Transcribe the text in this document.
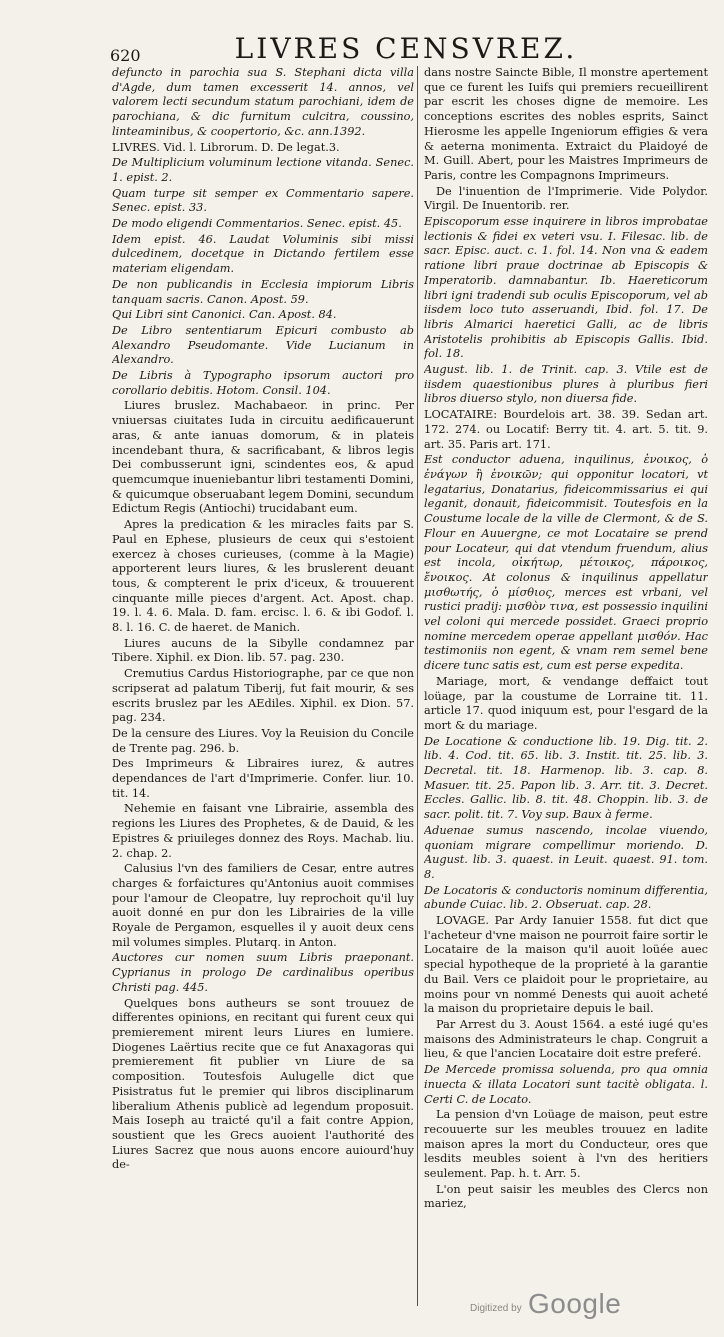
620	LIVRES CENSVREZ.

defuncto in parochia sua S. Stephani dicta villa d'Agde, dum tamen excesserit 14. annos, vel valorem lecti secundum statum parochiani, idem de parochiana, & dic furnitum culcitra, coussino, linteaminibus, & coopertorio, &c. ann.1392.

LIVRES. Vid. l. Librorum. D. De legat.3.

De Multiplicium voluminum lectione vitanda. Senec. 1. epist. 2.

Quam turpe sit semper ex Commentario sapere. Senec. epist. 33.

De modo eligendi Commentarios. Senec. epist. 45.

Idem epist. 46. Laudat Voluminis sibi missi dulcedinem, docetque in Dictando fertilem esse materiam eligendam.

De non publicandis in Ecclesia impiorum Libris tanquam sacris. Canon. Apost. 59.

Qui Libri sint Canonici. Can. Apost. 84.

De Libro sententiarum Epicuri combusto ab Alexandro Pseudomante. Vide Lucianum in Alexandro.

De Libris à Typographo ipsorum auctori pro corollario debitis. Hotom. Consil. 104.

Liures bruslez. Machabaeor. in princ. Per vniuersas ciuitates Iuda in circuitu aedificauerunt aras, & ante ianuas domorum, & in plateis incendebant thura, & sacrificabant, & libros legis Dei combusserunt igni, scindentes eos, & apud quemcumque inueniebantur libri testamenti Domini, & quicumque obseruabant legem Domini, secundum Edictum Regis (Antiochi) trucidabant eum.

Apres la predication & les miracles faits par S. Paul en Ephese, plusieurs de ceux qui s'estoient exercez à choses curieuses, (comme à la Magie) apporterent leurs liures, & les bruslerent deuant tous, & compterent le prix d'iceux, & trouuerent cinquante mille pieces d'argent. Act. Apost. chap. 19. l. 4. 6. Mala. D. fam. ercisc. l. 6. & ibi Godof. l. 8. l. 16. C. de haeret. de Manich.

Liures aucuns de la Sibylle condamnez par Tibere. Xiphil. ex Dion. lib. 57. pag. 230.

Cremutius Cardus Historiographe, par ce que non scripserat ad palatum Tiberij, fut fait mourir, & ses escrits bruslez par les AEdiles. Xiphil. ex Dion. 57. pag. 234.

De la censure des Liures. Voy la Reuision du Concile de Trente pag. 296. b.

Des Imprimeurs & Libraires iurez, & autres dependances de l'art d'Imprimerie. Confer. liur. 10. tit. 14.

Nehemie en faisant vne Librairie, assembla des regions les Liures des Prophetes, & de Dauid, & les Epistres & priuileges donnez des Roys. Machab. liu. 2. chap. 2.

Calusius l'vn des familiers de Cesar, entre autres charges & forfaictures qu'Antonius auoit commises pour l'amour de Cleopatre, luy reprochoit qu'il luy auoit donné en pur don les Librairies de la ville Royale de Pergamon, esquelles il y auoit deux cens mil volumes simples. Plutarq. in Anton.

Auctores cur nomen suum Libris praeponant. Cyprianus in prologo De cardinalibus operibus Christi pag. 445.

Quelques bons autheurs se sont trouuez de differentes opinions, en recitant qui furent ceux qui premierement mirent leurs Liures en lumiere. Diogenes Laërtius recite que ce fut Anaxagoras qui premierement fit publier vn Liure de sa composition. Toutesfois Aulugelle dict que Pisistratus fut le premier qui libros disciplinarum liberalium Athenis publicè ad legendum proposuit. Mais Ioseph au traicté qu'il a fait contre Appion, soustient que les Grecs auoient l'authorité des Liures Sacrez que nous auons encore auiourd'huy de-

dans nostre Saincte Bible, Il monstre apertement que ce furent les Iuifs qui premiers recueillirent par escrit les choses digne de memoire. Les conceptions escrites des nobles esprits, Sainct Hierosme les appelle Ingeniorum effigies & vera & aeterna monimenta. Extraict du Plaidoyé de M. Guill. Abert, pour les Maistres Imprimeurs de Paris, contre les Compagnons Imprimeurs.

De l'inuention de l'Imprimerie. Vide Polydor. Virgil. De Inuentorib. rer.

Episcoporum esse inquirere in libros improbatae lectionis & fidei ex veteri vsu. I. Filesac. lib. de sacr. Episc. auct. c. 1. fol. 14. Non vna & eadem ratione libri praue doctrinae ab Episcopis & Imperatorib. damnabantur. Ib. Haereticorum libri igni tradendi sub oculis Episcoporum, vel ab iisdem loco tuto asseruandi, Ibid. fol. 17. De libris Almarici haeretici Galli, ac de libris Aristotelis prohibitis ab Episcopis Gallis. Ibid. fol. 18.

August. lib. 1. de Trinit. cap. 3. Vtile est de iisdem quaestionibus plures à pluribus fieri libros diuerso stylo, non diuersa fide.

LOCATAIRE: Bourdelois art. 38. 39. Sedan art. 172. 274. ou Locatif: Berry tit. 4. art. 5. tit. 9. art. 35. Paris art. 171.

Est conductor aduena, inquilinus, ἐνοικος, ὁ ἐνάγων ἢ ἐνοικῶν; qui opponitur locatori, vt legatarius, Donatarius, fideicommissarius ei qui leganit, donauit, fideicommisit. Toutesfois en la Coustume locale de la ville de Clermont, & de S. Flour en Auuergne, ce mot Locataire se prend pour Locateur, qui dat vtendum fruendum, alius est incola, οἰκήτωρ, μέτοικος, πάροικος, ἔνοικος. At colonus & inquilinus appellatur μισθωτής, ὁ μίσθιος, merces est vrbani, vel rustici pradij: μισθὸν τινα, est possessio inquilini vel coloni qui mercede possidet. Graeci proprio nomine mercedem operae appellant μισθόν. Hac testimoniis non egent, & vnam rem semel bene dicere tunc satis est, cum est perse expedita.

Mariage, mort, & vendange deffaict tout loüage, par la coustume de Lorraine tit. 11. article 17. quod iniquum est, pour l'esgard de la mort & du mariage.

De Locatione & conductione lib. 19. Dig. tit. 2. lib. 4. Cod. tit. 65. lib. 3. Instit. tit. 25. lib. 3. Decretal. tit. 18. Harmenop. lib. 3. cap. 8. Masuer. tit. 25. Papon lib. 3. Arr. tit. 3. Decret. Eccles. Gallic. lib. 8. tit. 48. Choppin. lib. 3. de sacr. polit. tit. 7. Voy sup. Baux à ferme.

Aduenae sumus nascendo, incolae viuendo, quoniam migrare compellimur moriendo. D. August. lib. 3. quaest. in Leuit. quaest. 91. tom. 8.

De Locatoris & conductoris nominum differentia, abunde Cuiac. lib. 2. Obseruat. cap. 28.

LOVAGE. Par Ardy Ianuier 1558. fut dict que l'acheteur d'vne maison ne pourroit faire sortir le Locataire de la maison qu'il auoit loüée auec special hypotheque de la proprieté à la garantie du Bail. Vers ce plaidoit pour le proprietaire, au moins pour vn nommé Denests qui auoit acheté la maison du proprietaire depuis le bail.

Par Arrest du 3. Aoust 1564. a esté iugé qu'es maisons des Administrateurs le chap. Congruit a lieu, & que l'ancien Locataire doit estre preferé.

De Mercede promissa soluenda, pro qua omnia inuecta & illata Locatori sunt tacitè obligata. l. Certi C. de Locato.

La pension d'vn Loüage de maison, peut estre recouuerte sur les meubles trouuez en ladite maison apres la mort du Conducteur, ores que lesdits meubles soient à l'vn des heritiers seulement. Pap. h. t. Arr. 5.

L'on peut saisir les meubles des Clercs non mariez,

Digitized by Google
